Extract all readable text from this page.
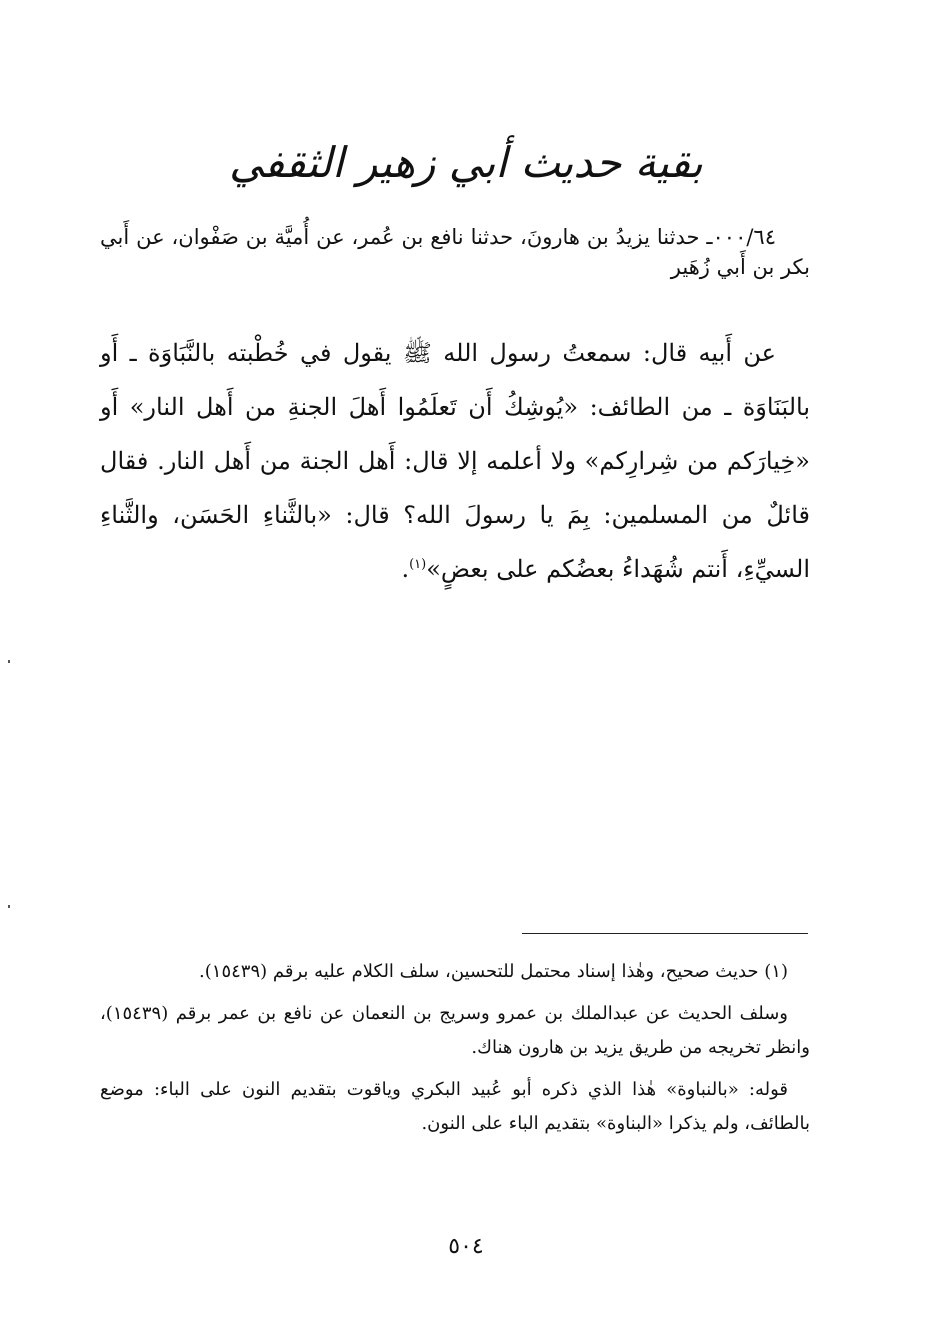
بقية حديث أبي زهير الثقفي

٠٠٠/٦٤ـ حدثنا يزيدُ بن هارونَ، حدثنا نافع بن عُمر، عن أُميَّة بن صَفْوان، عن أَبي بكر بن أَبي زُهَير

عن أَبيه قال: سمعتُ رسول الله ﷺ يقول في خُطْبته بالنَّبَاوَة ـ أَو بالبَنَاوَة ـ من الطائف: «يُوشِكُ أَن تَعلَمُوا أَهلَ الجنةِ من أَهل النار» أَو «خِيارَكم من شِرارِكم» ولا أعلمه إلا قال: أَهل الجنة من أَهل النار. فقال قائلٌ من المسلمين: بِمَ يا رسولَ الله؟ قال: «بالثَّناءِ الحَسَن، والثَّناءِ السيِّءِ، أَنتم شُهَداءُ بعضُكم على بعضٍ»$^{(١)}$.

(١) حديث صحيح، وهٰذا إسناد محتمل للتحسين، سلف الكلام عليه برقم (١٥٤٣٩).

وسلف الحديث عن عبدالملك بن عمرو وسريج بن النعمان عن نافع بن عمر برقم (١٥٤٣٩)، وانظر تخريجه من طريق يزيد بن هارون هناك.

قوله: «بالنباوة» هٰذا الذي ذكره أبو عُبيد البكري وياقوت بتقديم النون على الباء: موضع بالطائف، ولم يذكرا «البناوة» بتقديم الباء على النون.

٥٠٤
